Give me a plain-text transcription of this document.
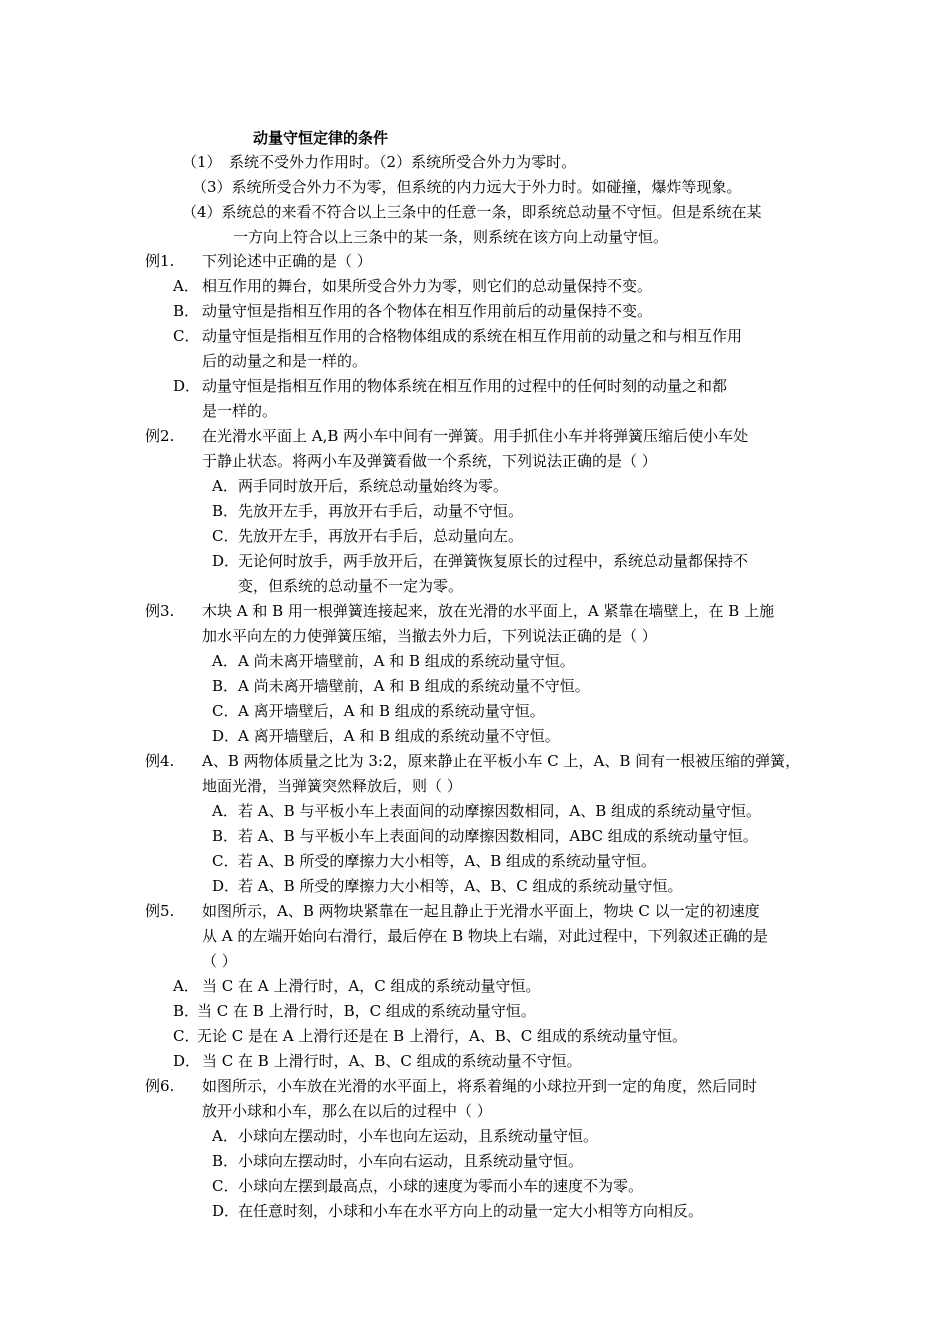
动量守恒定律的条件
（1）　系统不受外力作用时。（2）系统所受合外力为零时。
（3）系统所受合外力不为零，但系统的内力远大于外力时。如碰撞，爆炸等现象。
（4）系统总的来看不符合以上三条中的任意一条，即系统总动量不守恒。但是系统在某
一方向上符合以上三条中的某一条，则系统在该方向上动量守恒。
例1. 下列论述中正确的是（ ）
A． 相互作用的舞台，如果所受合外力为零，则它们的总动量保持不变。
B． 动量守恒是指相互作用的各个物体在相互作用前后的动量保持不变。
C． 动量守恒是指相互作用的合格物体组成的系统在相互作用前的动量之和与相互作用
后的动量之和是一样的。
D． 动量守恒是指相互作用的物体系统在相互作用的过程中的任何时刻的动量之和都
是一样的。
例2. 在光滑水平面上 A,B 两小车中间有一弹簧。用手抓住小车并将弹簧压缩后使小车处
于静止状态。将两小车及弹簧看做一个系统，下列说法正确的是（ ）
A． 两手同时放开后，系统总动量始终为零。
B． 先放开左手，再放开右手后，动量不守恒。
C． 先放开左手，再放开右手后，总动量向左。
D．
无论何时放手，两手放开后，在弹簧恢复原长的过程中，系统总动量都保持不
变，但系统的总动量不一定为零。
例3. 木块 A 和 B 用一根弹簧连接起来，放在光滑的水平面上，A 紧靠在墙壁上，在 B 上施
加水平向左的力使弹簧压缩，当撤去外力后，下列说法正确的是（ ）
A． A 尚未离开墙壁前，A 和 B 组成的系统动量守恒。
B． A 尚未离开墙壁前，A 和 B 组成的系统动量不守恒。
C． A 离开墙壁后，A 和 B 组成的系统动量守恒。
D．
A 离开墙壁后，A 和 B 组成的系统动量不守恒。
例4. A、B 两物体质量之比为 3:2，原来静止在平板小车 C 上，A、B 间有一根被压缩的弹簧，
地面光滑，当弹簧突然释放后，则（ ）
A． 若 A、B 与平板小车上表面间的动摩擦因数相同，A、B 组成的系统动量守恒。
B． 若 A、B 与平板小车上表面间的动摩擦因数相同，ABC 组成的系统动量守恒。
C． 若 A、B 所受的摩擦力大小相等，A、B 组成的系统动量守恒。
D．
若 A、B 所受的摩擦力大小相等，A、B、C 组成的系统动量守恒。
例5. 如图所示，A、B 两物块紧靠在一起且静止于光滑水平面上，物块 C 以一定的初速度
从 A 的左端开始向右滑行，最后停在 B 物块上右端，对此过程中，下列叙述正确的是
（ ）
A． 当 C 在 A 上滑行时，A，C 组成的系统动量守恒。
B．
当 C 在 B 上滑行时，B，C 组成的系统动量守恒。
C．
无论 C 是在 A 上滑行还是在 B 上滑行，A、B、C 组成的系统动量守恒。
D． 当 C 在 B 上滑行时，A、B、C 组成的系统动量不守恒。
例6. 如图所示，小车放在光滑的水平面上，将系着绳的小球拉开到一定的角度，然后同时
放开小球和小车，那么在以后的过程中（ ）
A． 小球向左摆动时，小车也向左运动，且系统动量守恒。
B． 小球向左摆动时，小车向右运动，且系统动量守恒。
C． 小球向左摆到最高点，小球的速度为零而小车的速度不为零。
D．
在任意时刻，小球和小车在水平方向上的动量一定大小相等方向相反。
